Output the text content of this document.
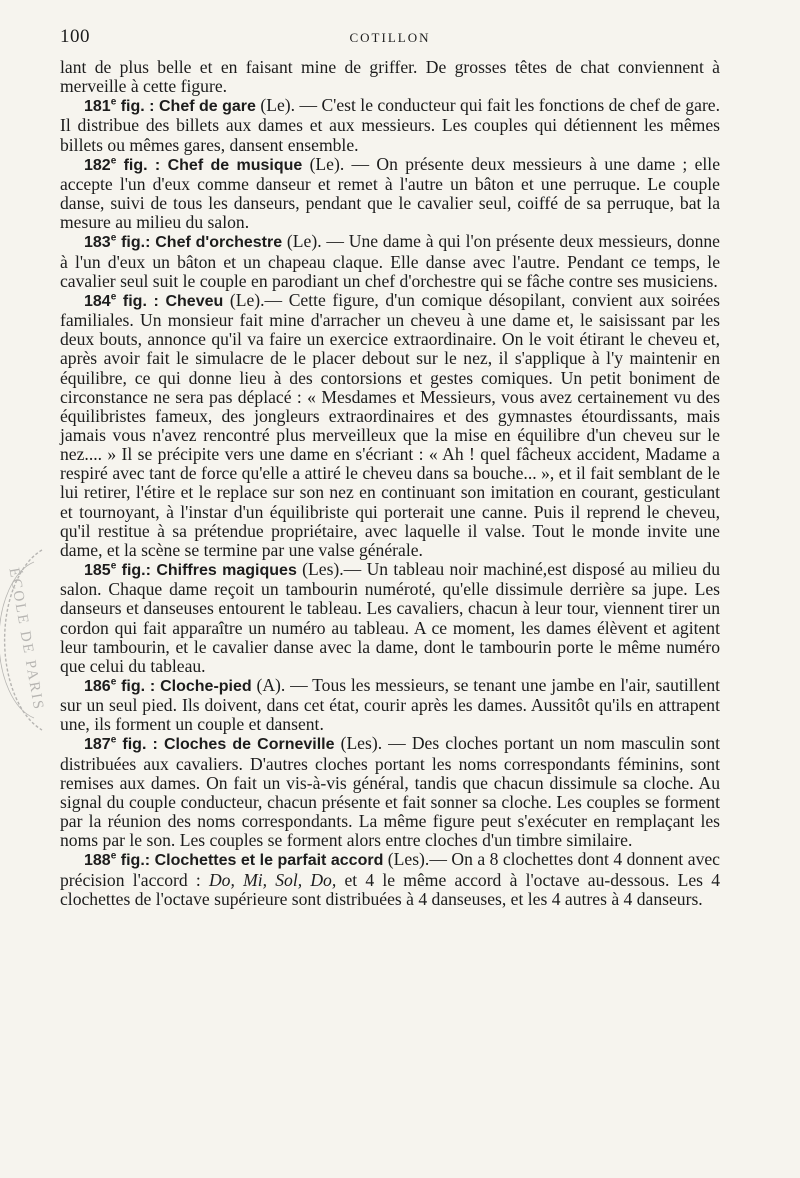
100	COTILLON

lant de plus belle et en faisant mine de griffer. De grosses têtes de chat conviennent à merveille à cette figure.

181e fig. : Chef de gare (Le). — C'est le conducteur qui fait les fonctions de chef de gare. Il distribue des billets aux dames et aux messieurs. Les couples qui détiennent les mêmes billets ou mêmes gares, dansent ensemble.

182e fig. : Chef de musique (Le). — On présente deux messieurs à une dame ; elle accepte l'un d'eux comme danseur et remet à l'autre un bâton et une perruque. Le couple danse, suivi de tous les danseurs, pendant que le cavalier seul, coiffé de sa perruque, bat la mesure au milieu du salon.

183e fig.: Chef d'orchestre (Le). — Une dame à qui l'on présente deux messieurs, donne à l'un d'eux un bâton et un chapeau claque. Elle danse avec l'autre. Pendant ce temps, le cavalier seul suit le couple en parodiant un chef d'orchestre qui se fâche contre ses musiciens.

184e fig. : Cheveu (Le).— Cette figure, d'un comique désopilant, convient aux soirées familiales. Un monsieur fait mine d'arracher un cheveu à une dame et, le saisissant par les deux bouts, annonce qu'il va faire un exercice extraordinaire. On le voit étirant le cheveu et, après avoir fait le simulacre de le placer debout sur le nez, il s'applique à l'y maintenir en équilibre, ce qui donne lieu à des contorsions et gestes comiques. Un petit boniment de circonstance ne sera pas déplacé : « Mesdames et Messieurs, vous avez certainement vu des équilibristes fameux, des jongleurs extraordinaires et des gymnastes étourdissants, mais jamais vous n'avez rencontré plus merveilleux que la mise en équilibre d'un cheveu sur le nez.... » Il se précipite vers une dame en s'écriant : « Ah ! quel fâcheux accident, Madame a respiré avec tant de force qu'elle a attiré le cheveu dans sa bouche... », et il fait semblant de le lui retirer, l'étire et le replace sur son nez en continuant son imitation en courant, gesticulant et tournoyant, à l'instar d'un équilibriste qui porterait une canne. Puis il reprend le cheveu, qu'il restitue à sa prétendue propriétaire, avec laquelle il valse. Tout le monde invite une dame, et la scène se termine par une valse générale.

185e fig.: Chiffres magiques (Les).— Un tableau noir machiné,est disposé au milieu du salon. Chaque dame reçoit un tambourin numéroté, qu'elle dissimule derrière sa jupe. Les danseurs et danseuses entourent le tableau. Les cavaliers, chacun à leur tour, viennent tirer un cordon qui fait apparaître un numéro au tableau. A ce moment, les dames élèvent et agitent leur tambourin, et le cavalier danse avec la dame, dont le tambourin porte le même numéro que celui du tableau.

186e fig. : Cloche-pied (A). — Tous les messieurs, se tenant une jambe en l'air, sautillent sur un seul pied. Ils doivent, dans cet état, courir après les dames. Aussitôt qu'ils en attrapent une, ils forment un couple et dansent.

187e fig. : Cloches de Corneville (Les). — Des cloches portant un nom masculin sont distribuées aux cavaliers. D'autres cloches portant les noms correspondants féminins, sont remises aux dames. On fait un vis-à-vis général, tandis que chacun dissimule sa cloche. Au signal du couple conducteur, chacun présente et fait sonner sa cloche. Les couples se forment par la réunion des noms correspondants. La même figure peut s'exécuter en remplaçant les noms par le son. Les couples se forment alors entre cloches d'un timbre similaire.

188e fig.: Clochettes et le parfait accord (Les).— On a 8 clochettes dont 4 donnent avec précision l'accord : Do, Mi, Sol, Do, et 4 le même accord à l'octave au-dessous. Les 4 clochettes de l'octave supérieure sont distribuées à 4 danseuses, et les 4 autres à 4 danseurs.

ÉCOLE DE PARIS
